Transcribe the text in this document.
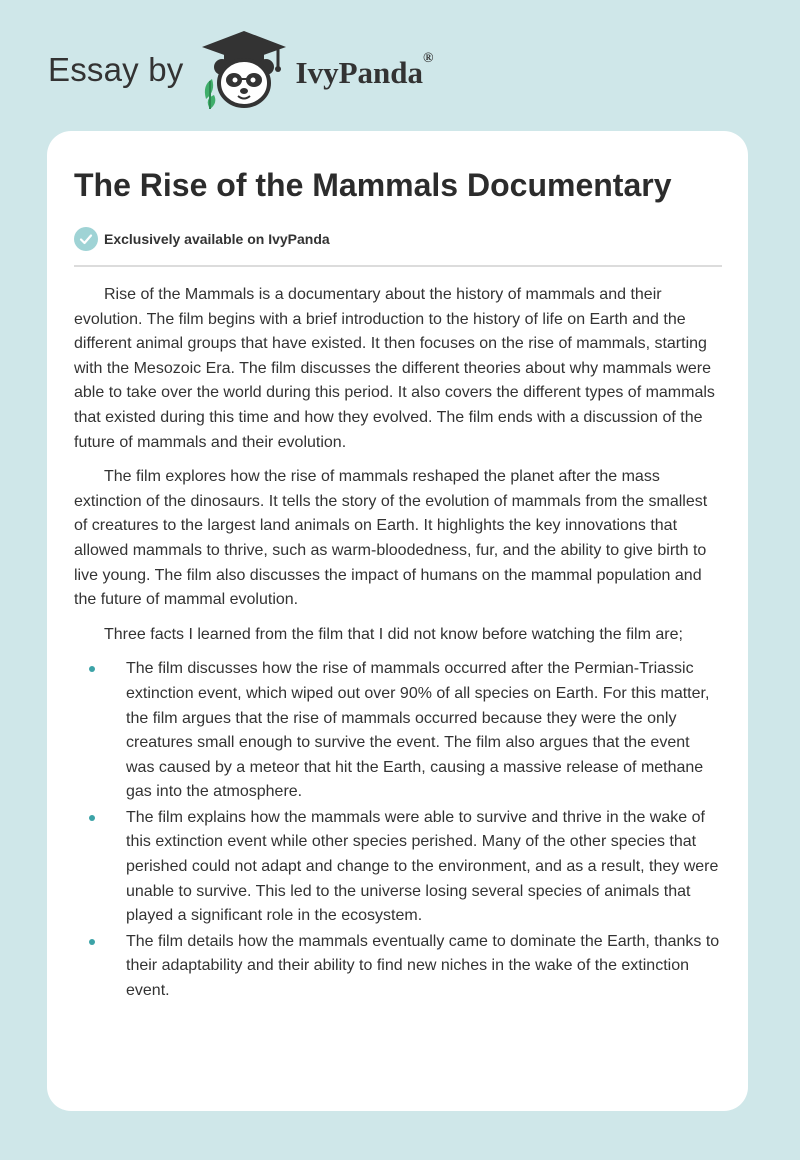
Essay by	IvyPanda®
The Rise of the Mammals Documentary
Exclusively available on IvyPanda

Rise of the Mammals is a documentary about the history of mammals and their evolution. The film begins with a brief introduction to the history of life on Earth and the different animal groups that have existed. It then focuses on the rise of mammals, starting with the Mesozoic Era. The film discusses the different theories about why mammals were able to take over the world during this period. It also covers the different types of mammals that existed during this time and how they evolved. The film ends with a discussion of the future of mammals and their evolution.

The film explores how the rise of mammals reshaped the planet after the mass extinction of the dinosaurs. It tells the story of the evolution of mammals from the smallest of creatures to the largest land animals on Earth. It highlights the key innovations that allowed mammals to thrive, such as warm-bloodedness, fur, and the ability to give birth to live young. The film also discusses the impact of humans on the mammal population and the future of mammal evolution.

Three facts I learned from the film that I did not know before watching the film are;

The film discusses how the rise of mammals occurred after the Permian-Triassic extinction event, which wiped out over 90% of all species on Earth. For this matter, the film argues that the rise of mammals occurred because they were the only creatures small enough to survive the event. The film also argues that the event was caused by a meteor that hit the Earth, causing a massive release of methane gas into the atmosphere.
The film explains how the mammals were able to survive and thrive in the wake of this extinction event while other species perished. Many of the other species that perished could not adapt and change to the environment, and as a result, they were unable to survive. This led to the universe losing several species of animals that played a significant role in the ecosystem.
The film details how the mammals eventually came to dominate the Earth, thanks to their adaptability and their ability to find new niches in the wake of the extinction event.
